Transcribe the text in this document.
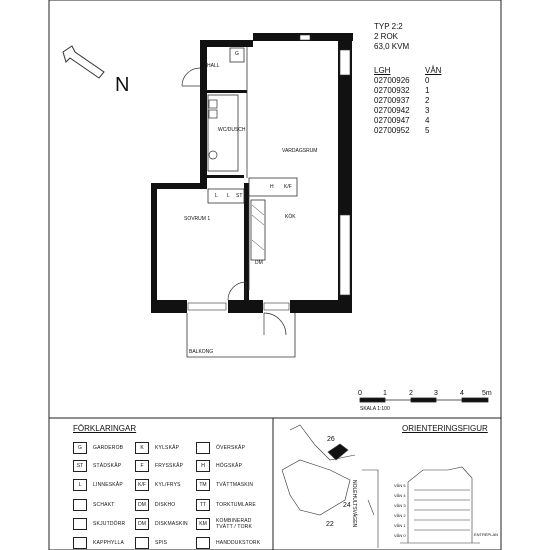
TYP 2:2
2 ROK
63,0 KVM
LGH	VÅN
02700926 0
02700932 1
02700937 2
02700942 3
02700947 4
02700952 5
N
HALL
WC/DUSCH
VARDAGSRUM
KÖK
SOVRUM 1
BALKONG
G
L L ST
H K/F
DM
0	1	2	3	4	5m
SKALA 1:100
FÖRKLARINGAR
G	GARDEROB
ST	STÄDSKÅP
L	LINNESKÅP
SCHAKT
SKJUTDÖRR
KAPPHYLLA
K	KYLSKÅP
F	FRYSSKÅP
K/F	KYL/FRYS
DM	DISKHO
DM	DISKMASKIN
SPIS
ÖVERSKÅP
H	HÖGSKÅP
TM	TVÄTTMASKIN
TT	TORKTUMLARE
KM	KOMBINERAD TVÄTT / TORK
HANDDUKSTORK
ORIENTERINGSFIGUR
NOLEHULTSVÄGEN
26
24
22
VÅN 5
VÅN 4
VÅN 3
VÅN 2
VÅN 1
VÅN 0	ENTRÉPLAN
